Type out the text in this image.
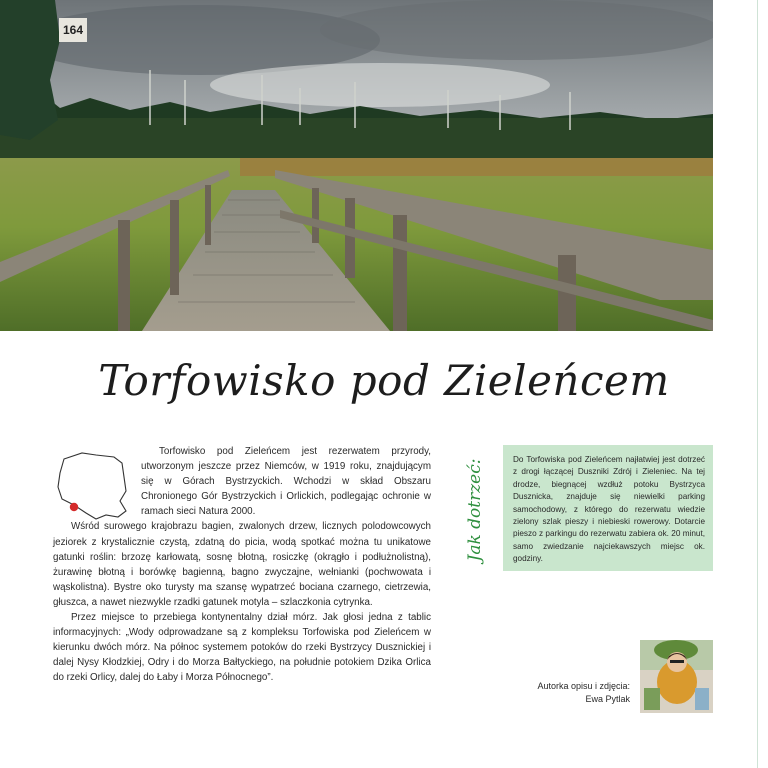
164
Torfowisko pod Zieleńcem

Torfowisko pod Zieleńcem jest rezerwatem przyrody, utworzonym jeszcze przez Niemców, w 1919 roku, znajdującym się w Górach Bystrzyckich. Wchodzi w skład Obszaru Chronionego Gór Bystrzyckich i Orlickich, podlegając ochronie w ramach sieci Natura 2000.

Wśród surowego krajobrazu bagien, zwalonych drzew, licznych polodowcowych jeziorek z krystalicznie czystą, zdatną do picia, wodą spotkać można tu unikatowe gatunki roślin: brzozę karłowatą, sosnę błotną, rosiczkę (okrągło i podłużnolistną), żurawinę błotną i borówkę bagienną, bagno zwyczajne, wełnianki (pochwowata i wąskolistna). Bystre oko turysty ma szansę wypatrzeć bociana czarnego, cietrzewia, głuszca, a nawet niezwykle rzadki gatunek motyla – szlaczkonia cytrynka.

Przez miejsce to przebiega kontynentalny dział mórz. Jak głosi jedna z tablic informacyjnych: „Wody odprowadzane są z kompleksu Torfowiska pod Zieleńcem w kierunku dwóch mórz. Na północ systemem potoków do rzeki Bystrzycy Dusznickiej i dalej Nysy Kłodzkiej, Odry i do Morza Bałtyckiego, na południe potokiem Dzika Orlica do rzeki Orlicy, dalej do Łaby i Morza Północnego”.

Jak dotrzeć:	Do Torfowiska pod Zieleńcem najłatwiej jest dotrzeć z drogi łączącej Duszniki Zdrój i Zieleniec. Na tej drodze, biegnącej wzdłuż potoku Bystrzyca Dusznicka, znajduje się niewielki parking samochodowy, z którego do rezerwatu wiedzie zielony szlak pieszy i niebieski rowerowy. Dotarcie pieszo z parkingu do rezerwatu zabiera ok. 20 minut, samo zwiedzanie najciekawszych miejsc ok. godziny.
Autorka opisu i zdjęcia:
Ewa Pytlak
